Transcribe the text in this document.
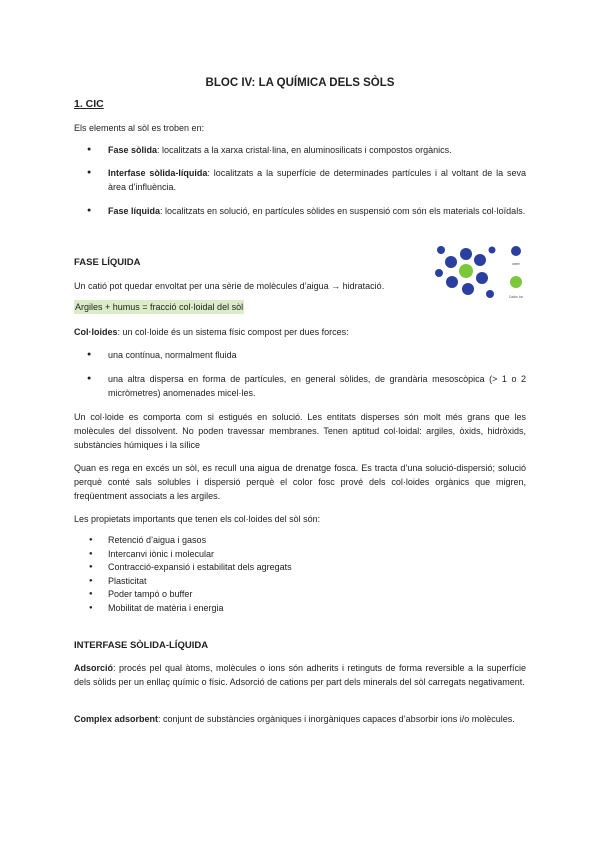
BLOC IV: LA QUÍMICA DELS SÒLS
1. CIC
Els elements al sòl es troben en:
● Fase sòlida: localitzats a la xarxa cristal·lina, en aluminosilicats i compostos orgànics.
● Interfase sòlida-líquida: localitzats a la superfície de determinades partícules i al voltant de la seva àrea d’influència.
● Fase líquida: localitzats en solució, en partícules sòlides en suspensió com són els materials col·loïdals.
FASE LÍQUIDA
Un catió pot quedar envoltat per una sèrie de molècules d’aigua → hidratació.
water
Cation ion
Argiles + humus = fracció col·loidal del sòl
Col·loides: un col·loide és un sistema físic compost per dues forces:
● una contínua, normalment fluida
● una altra dispersa en forma de partícules, en general sòlides, de grandària mesoscòpica (> 1 o 2 micròmetres) anomenades micel·les.
Un col·loide es comporta com si estigués en solució. Les entitats disperses són molt més grans que les molècules del dissolvent. No poden travessar membranes. Tenen aptitud col·loidal: argiles, òxids, hidròxids, substàncies húmiques i la sílice
Quan es rega en excés un sòl, es recull una aigua de drenatge fosca. Es tracta d’una solució-dispersió; solució perquè conté sals solubles i dispersió perquè el color fosc prové dels col·loides orgànics que migren, freqüentment associats a les argiles.
Les propietats importants que tenen els col·loides del sòl són:
● Retenció d’aigua i gasos
● Intercanvi iònic i molecular
● Contracció-expansió i estabilitat dels agregats
● Plasticitat
● Poder tampó o buffer
● Mobilitat de matèria i energia
INTERFASE SÒLIDA-LÍQUIDA
Adsorció: procés pel qual àtoms, molècules o ions són adherits i retinguts de forma reversible a la superfície dels sòlids per un enllaç químic o físic. Adsorció de cations per part dels minerals del sòl carregats negativament.
Complex adsorbent: conjunt de substàncies orgàniques i inorgàniques capaces d’absorbir ions i/o molècules.
